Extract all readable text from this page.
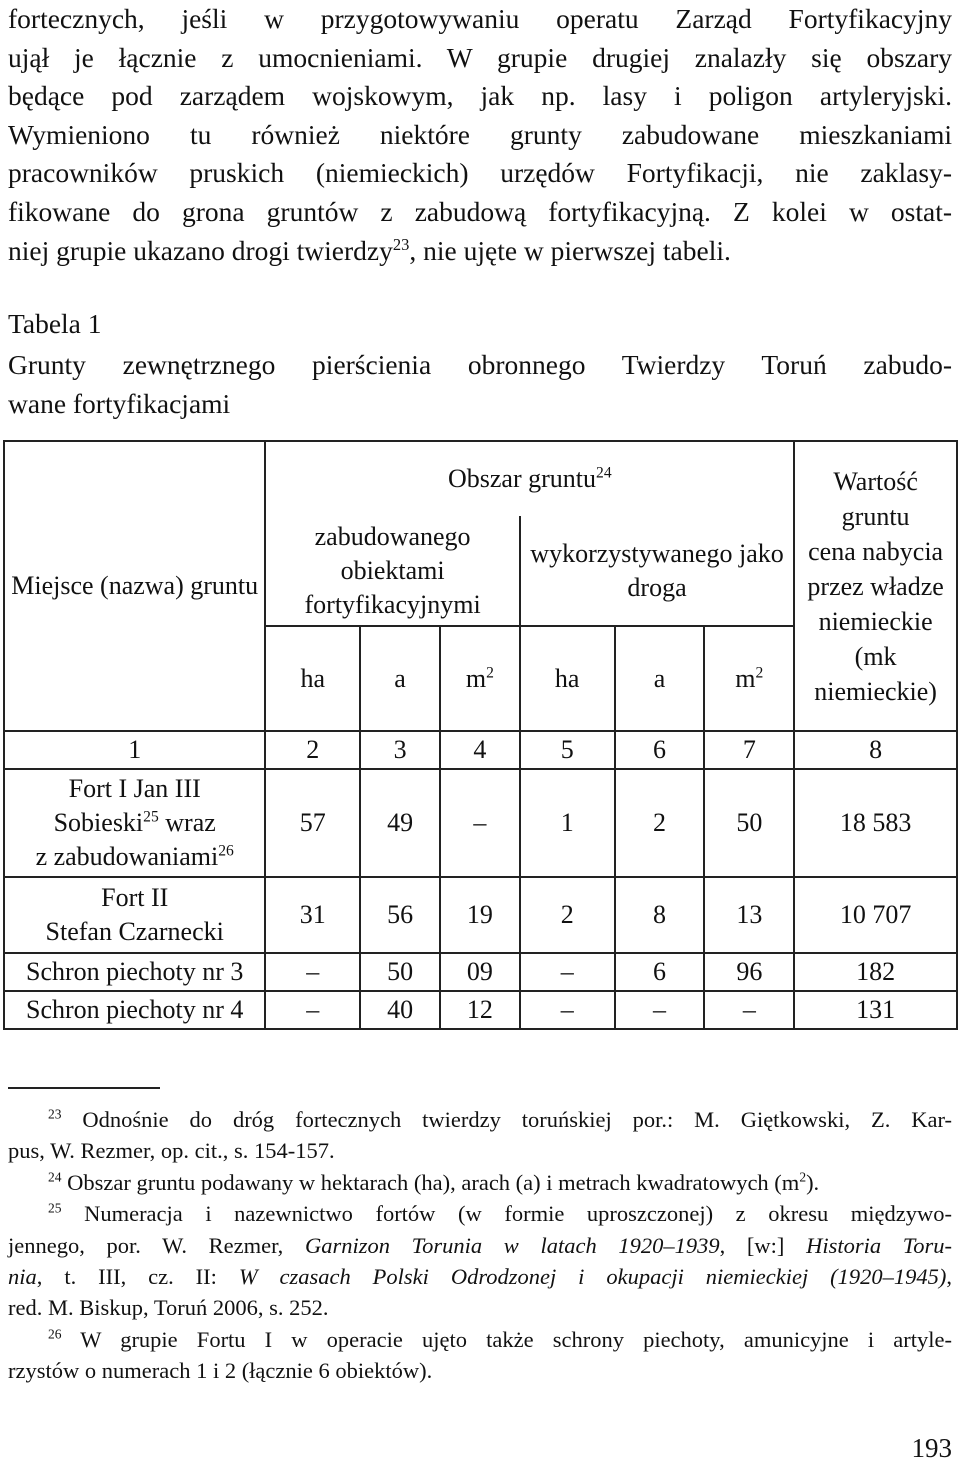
fortecznych, jeśli w przygotowywaniu operatu Zarząd Fortyfikacyjny
ujął je łącznie z umocnieniami. W grupie drugiej znalazły się obszary
będące pod zarządem wojskowym, jak np. lasy i poligon artyleryjski.
Wymieniono tu również niektóre grunty zabudowane mieszkaniami
pracowników pruskich (niemieckich) urzędów Fortyfikacji, nie zaklasy-
fikowane do grona gruntów z zabudową fortyfikacyjną. Z kolei w ostat-
niej grupie ukazano drogi twierdzy$^{23}$, nie ujęte w pierwszej tabeli.
Tabela 1
Grunty zewnętrznego pierścienia obronnego Twierdzy Toruń zabudo-
wane fortyfikacjami
Miejsce (nazwa) gruntu	Obszar gruntu$^{24}$						Wartość gruntu
cena nabycia przez władze niemieckie (mk niemieckie)

	zabudowanego obiektami fortyfikacyjnymi			wykorzystywanego jako droga			
	ha	a	$m^2$	ha	a	$m^2$
1	2	3	4	5	6	7	8

Fort I Jan III
Sobieski$^{25}$ wraz
z zabudowaniami$^{26}$	57	49	–	1	2	50	18 583

Fort II
Stefan Czarnecki	31	56	19	2	8	13	10 707
Schron piechoty nr 3	–	50	09	–	6	96	182
Schron piechoty nr 4	–	40	12	–	–	–	131
$^{23}$ Odnośnie do dróg fortecznych twierdzy toruńskiej por.: M. Giętkowski, Z. Kar-
pus, W. Rezmer, op. cit., s. 154-157.
$^{24}$ Obszar gruntu podawany w hektarach (ha), arach (a) i metrach kwadratowych $(m^2)$.
$^{25}$ Numeracja i nazewnictwo fortów (w formie uproszczonej) z okresu międzywo-
jennego, por. W. Rezmer, Garnizon Torunia w latach 1920–1939, [w:] Historia Toru-
nia, t. III, cz. II: W czasach Polski Odrodzonej i okupacji niemieckiej (1920–1945),
red. M. Biskup, Toruń 2006, s. 252.
$^{26}$ W grupie Fortu I w operacie ujęto także schrony piechoty, amunicyjne i artyle-
rzystów o numerach 1 i 2 (łącznie 6 obiektów).
193
